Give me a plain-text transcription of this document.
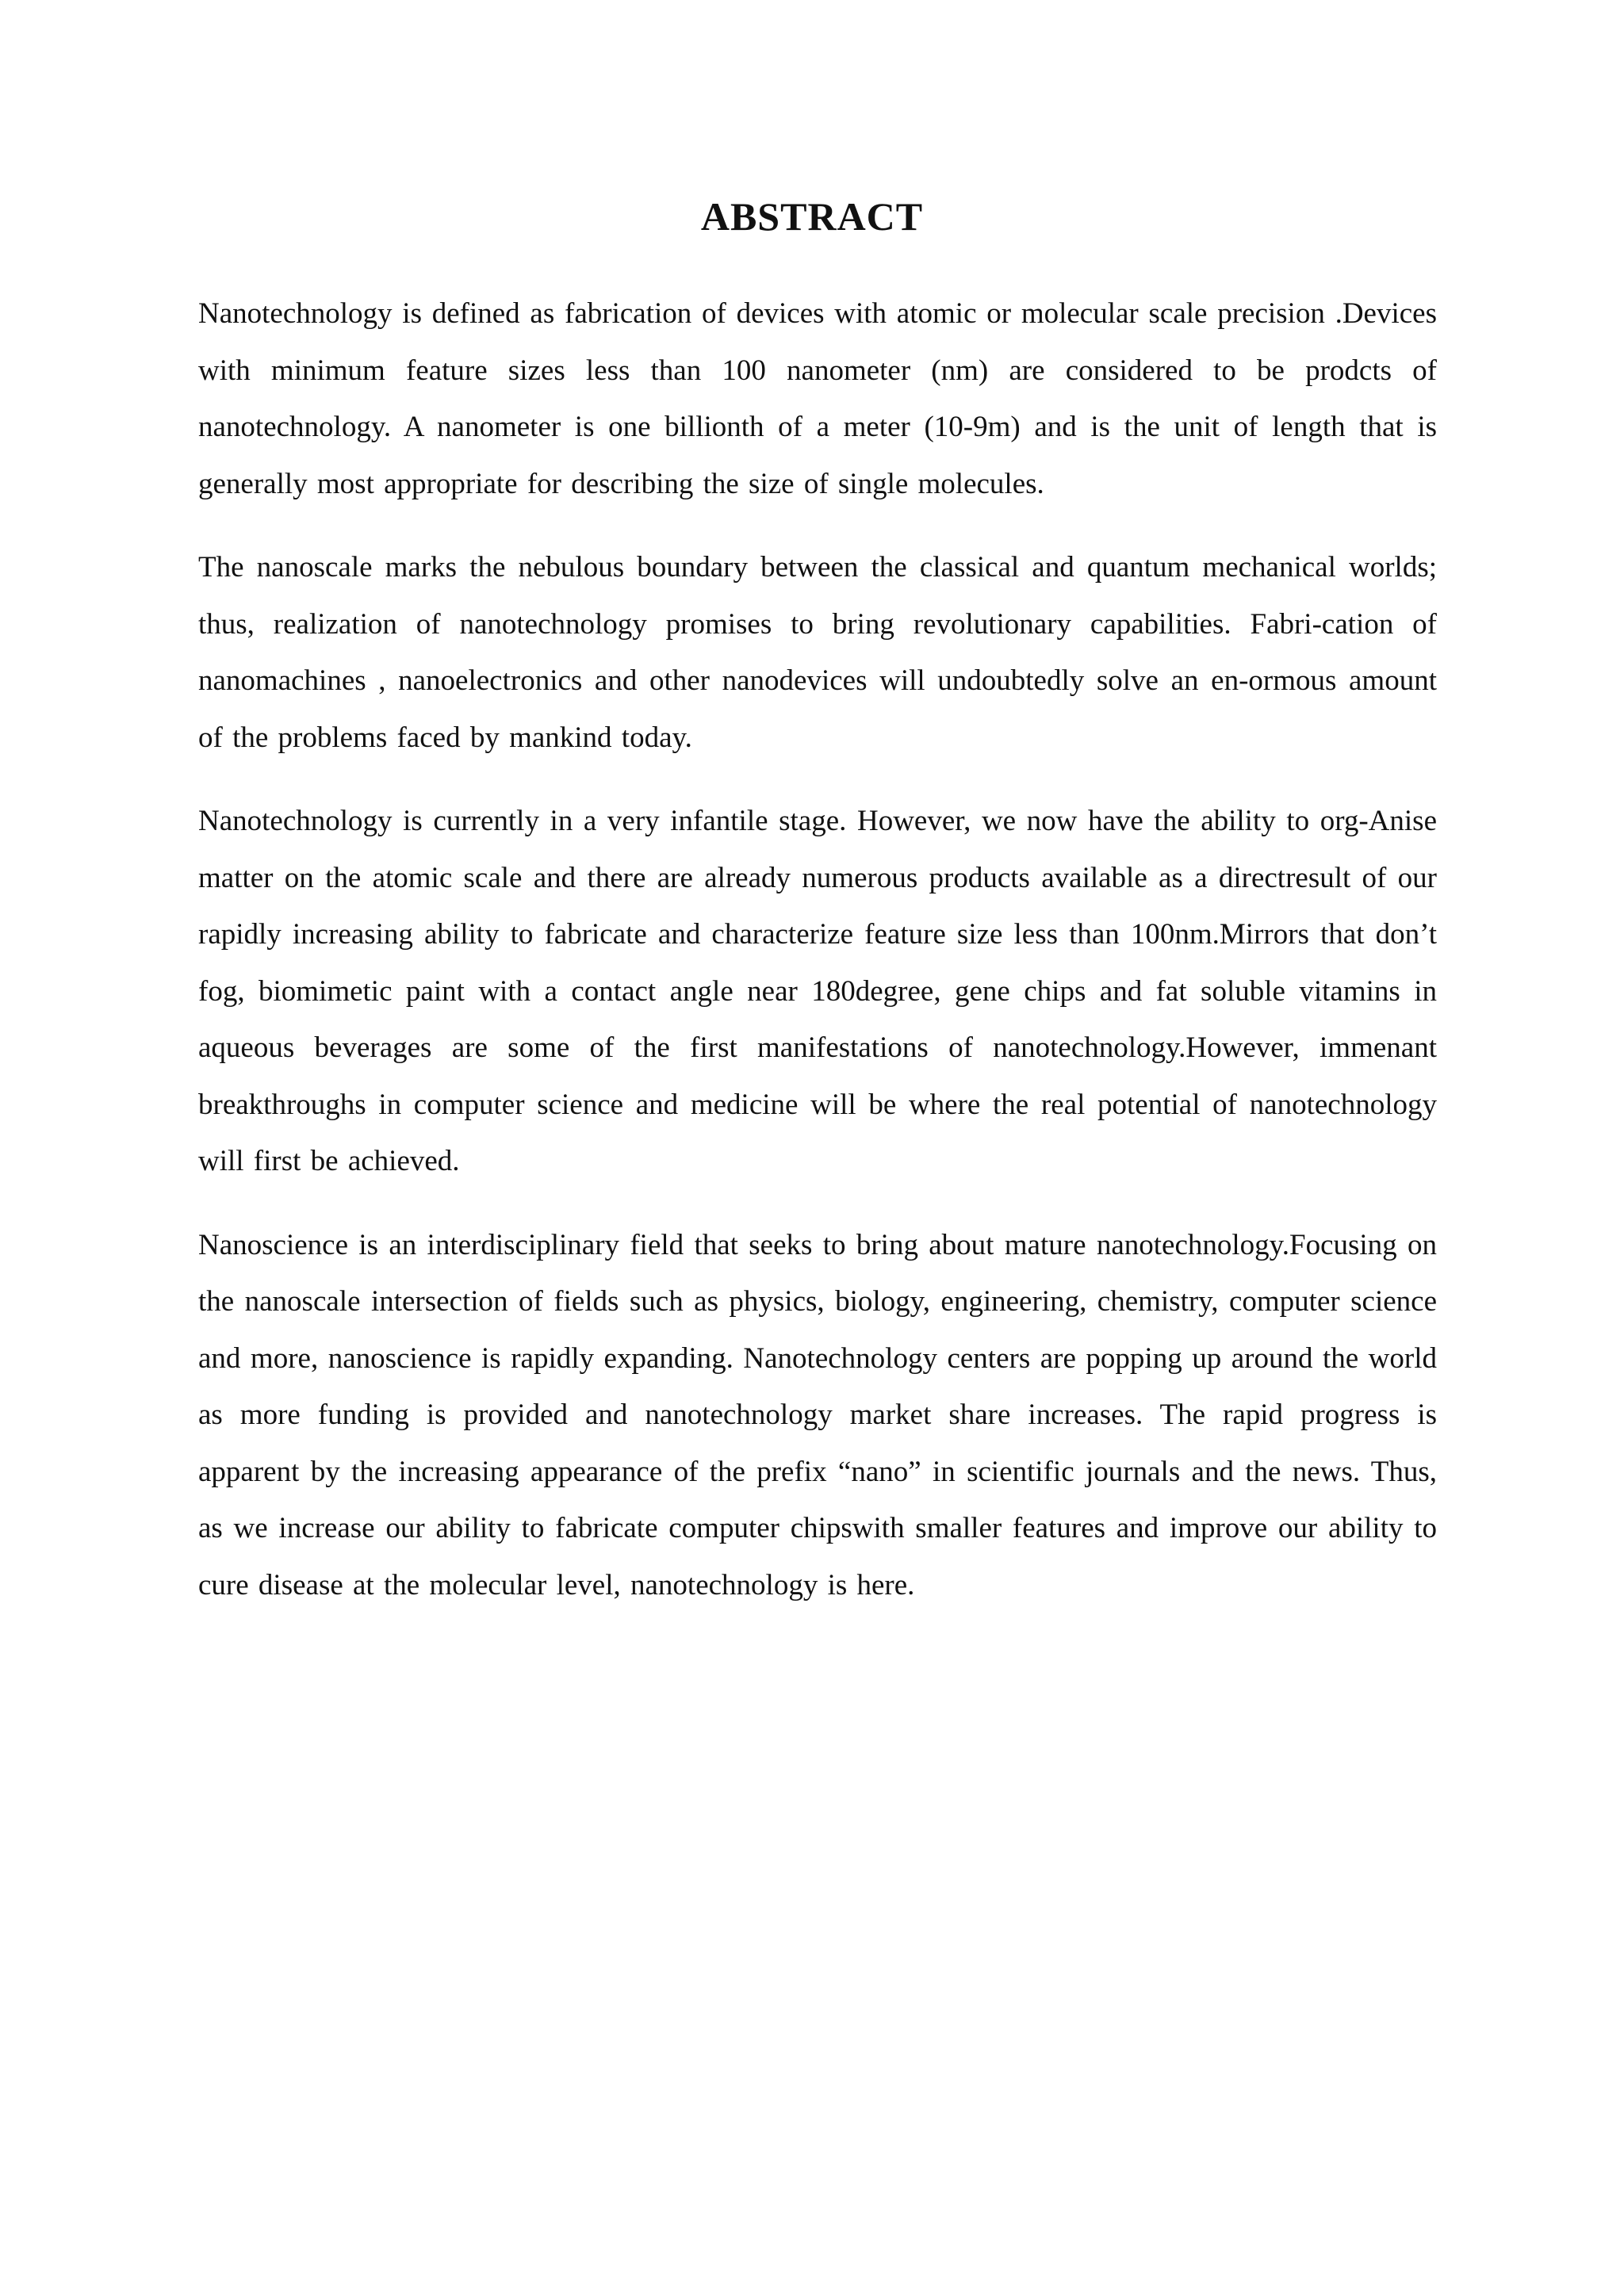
ABSTRACT

Nanotechnology is defined as fabrication of devices with atomic or molecular scale precision .Devices with minimum feature sizes less than 100 nanometer (nm) are considered to be prodcts of nanotechnology. A nanometer is one billionth of a meter (10-9m) and is the unit of length that is generally most appropriate for describing the size of single molecules.

The nanoscale marks the nebulous boundary between the classical and quantum mechanical worlds; thus, realization of nanotechnology promises to bring revolutionary capabilities. Fabri-cation of nanomachines , nanoelectronics and other nanodevices will undoubtedly solve an en-ormous amount of the problems faced by mankind today.

Nanotechnology is currently in a very infantile stage. However, we now have the ability to org-Anise matter on the atomic scale and there are already numerous products available as a directresult of our rapidly increasing ability to fabricate and characterize feature size less than 100nm.Mirrors that don’t fog, biomimetic paint with a contact angle near 180degree, gene chips and fat soluble vitamins in aqueous beverages are some of the first manifestations of nanotechnology.However, immenant breakthroughs in computer science and medicine will be where the real potential of nanotechnology will first be achieved.

Nanoscience is an interdisciplinary field that seeks to bring about mature nanotechnology.Focusing on the nanoscale intersection of fields such as physics, biology, engineering, chemistry, computer science and more, nanoscience is rapidly expanding. Nanotechnology centers are popping up around the world as more funding is provided and nanotechnology market share increases. The rapid progress is apparent by the increasing appearance of the prefix “nano” in scientific journals and the news. Thus, as we increase our ability to fabricate computer chipswith smaller features and improve our ability to cure disease at the molecular level, nanotechnology is here.
